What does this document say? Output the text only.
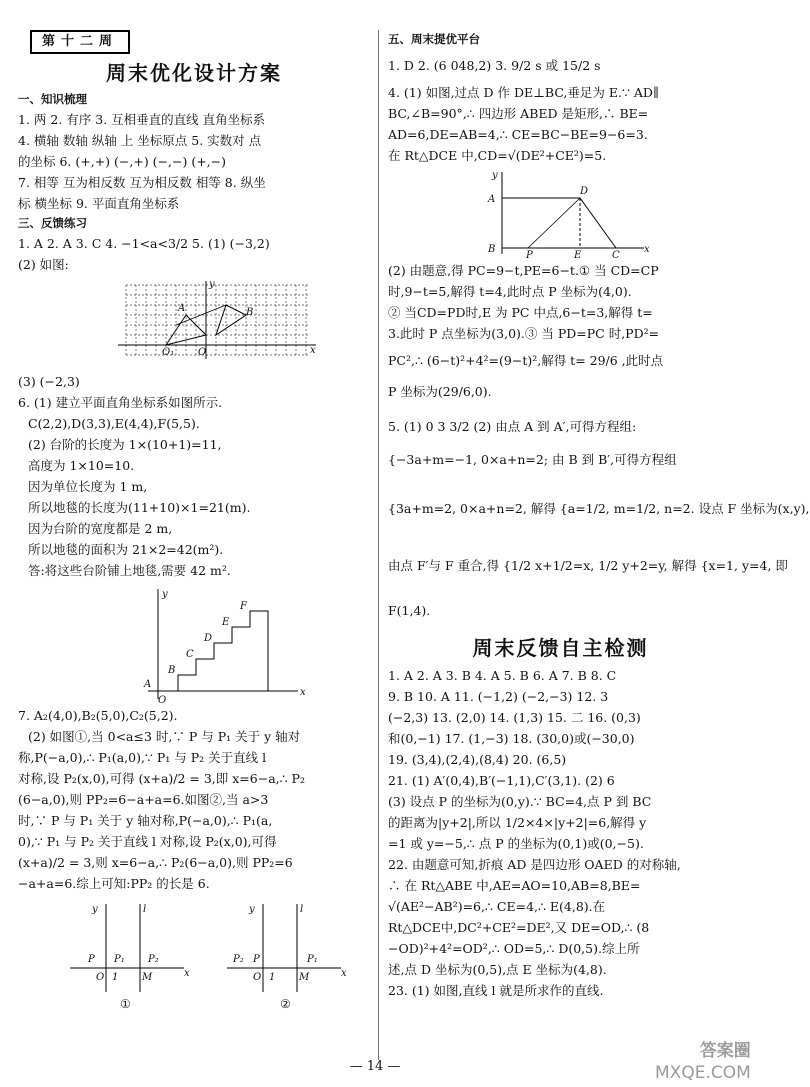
第十二周
周末优化设计方案
一、知识梳理
1. 两 2. 有序 3. 互相垂直的直线 直角坐标系
4. 横轴 数轴 纵轴 上 坐标原点 5. 实数对 点
的坐标 6. (+,+) (−,+) (−,−) (+,−)
7. 相等 互为相反数 互为相反数 相等 8. 纵坐
标 横坐标 9. 平面直角坐标系
三、反馈练习
1. A 2. A 3. C 4. −1<a<3/2 5. (1) (−3,2)
(2) 如图:
A	B
O₁ O	x
y
(3) (−2,3)
6. (1) 建立平面直角坐标系如图所示.
C(2,2),D(3,3),E(4,4),F(5,5).
(2) 台阶的长度为 1×(10+1)=11,
高度为 1×10=10.
因为单位长度为 1 m,
所以地毯的长度为(11+10)×1=21(m).
因为台阶的宽度都是 2 m,
所以地毯的面积为 21×2=42(m²).
答:将这些台阶铺上地毯,需要 42 m².
y
x
A
O
B
C
D
E
F
7. A₂(4,0),B₂(5,0),C₂(5,2).
(2) 如图①,当 0<a≤3 时,∵ P 与 P₁ 关于 y 轴对
称,P(−a,0),∴ P₁(a,0),∵ P₁ 与 P₂ 关于直线 l
对称,设 P₂(x,0),可得 (x+a)/2 = 3,即 x=6−a,∴ P₂
(6−a,0),则 PP₂=6−a+a=6.如图②,当 a>3
时,∵ P 与 P₁ 关于 y 轴对称,P(−a,0),∴ P₁(a,
0),∵ P₁ 与 P₂ 关于直线 l 对称,设 P₂(x,0),可得
(x+a)/2 = 3,则 x=6−a,∴ P₂(6−a,0),则 PP₂=6
−a+a=6.综上可知:PP₂ 的长是 6.
y	l
x
P P₁ P₂
O 1 M
y	l
x
P₂ P	P₁
O 1 M
①	②
五、周末提优平台
1. D 2. (6 048,2) 3. 9/2 s 或 15/2 s
4. (1) 如图,过点 D 作 DE⊥BC,垂足为 E.∵ AD∥
BC,∠B=90°,∴ 四边形 ABED 是矩形,∴ BE=
AD=6,DE=AB=4,∴ CE=BC−BE=9−6=3.
在 Rt△DCE 中,CD=√(DE²+CE²)=5.
y
A
D
B
P	E	C
x
(2) 由题意,得 PC=9−t,PE=6−t.① 当 CD=CP
时,9−t=5,解得 t=4,此时点 P 坐标为(4,0).
② 当CD=PD时,E 为 PC 中点,6−t=3,解得 t=
3.此时 P 点坐标为(3,0).③ 当 PD=PC 时,PD²=
PC²,∴ (6−t)²+4²=(9−t)²,解得 t= 29/6 ,此时点
P 坐标为(29/6,0).
5. (1) 0 3 3/2 (2) 由点 A 到 A′,可得方程组:
{−3a+m=−1, 0×a+n=2; 由 B 到 B′,可得方程组
{3a+m=2, 0×a+n=2, 解得 {a=1/2, m=1/2, n=2. 设点 F 坐标为(x,y),
由点 F′与 F 重合,得 {1/2 x+1/2=x, 1/2 y+2=y, 解得 {x=1, y=4, 即
F(1,4).
周末反馈自主检测
1. A 2. A 3. B 4. A 5. B 6. A 7. B 8. C
9. B 10. A 11. (−1,2) (−2,−3) 12. 3
(−2,3) 13. (2,0) 14. (1,3) 15. 二 16. (0,3)
和(0,−1) 17. (1,−3) 18. (30,0)或(−30,0)
19. (3,4),(2,4),(8,4) 20. (6,5)
21. (1) A′(0,4),B′(−1,1),C′(3,1). (2) 6
(3) 设点 P 的坐标为(0,y).∵ BC=4,点 P 到 BC
的距离为|y+2|,所以 1/2×4×|y+2|=6,解得 y
=1 或 y=−5,∴ 点 P 的坐标为(0,1)或(0,−5).
22. 由题意可知,折痕 AD 是四边形 OAED 的对称轴,
∴ 在 Rt△ABE 中,AE=AO=10,AB=8,BE=
√(AE²−AB²)=6,∴ CE=4,∴ E(4,8).在
Rt△DCE中,DC²+CE²=DE²,又 DE=OD,∴ (8
−OD)²+4²=OD²,∴ OD=5,∴ D(0,5).综上所
述,点 D 坐标为(0,5),点 E 坐标为(4,8).
23. (1) 如图,直线 l 就是所求作的直线.
— 14 —
答案圈
MXQE.COM
